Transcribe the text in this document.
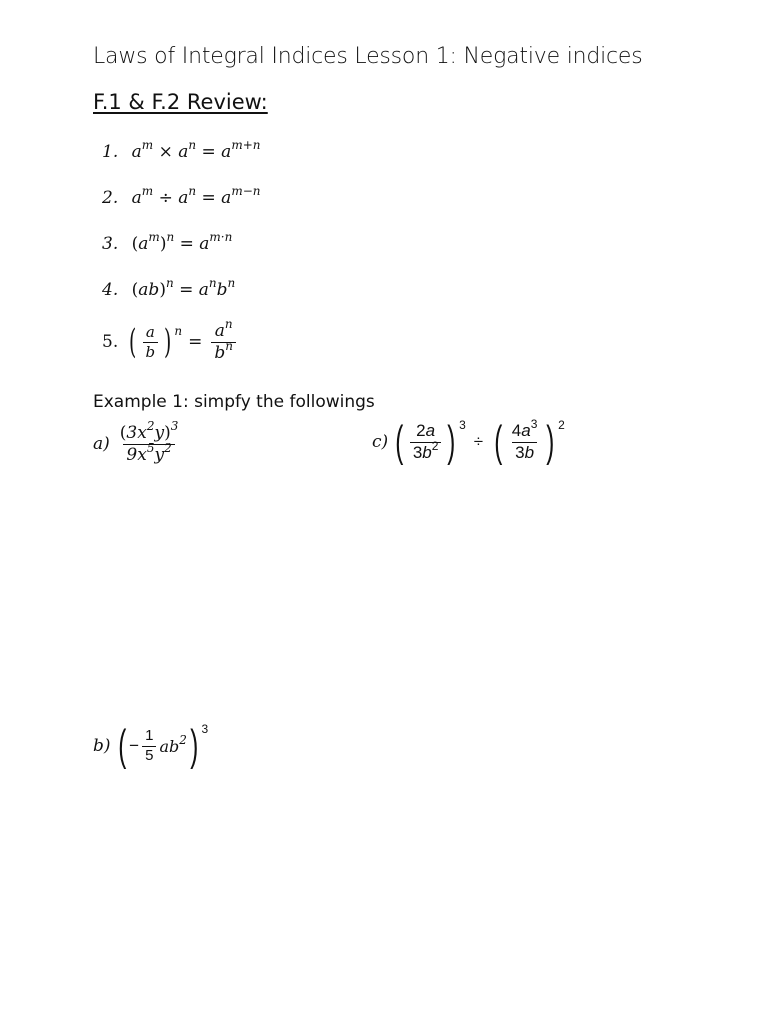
Laws of Integral Indices Lesson 1: Negative indices
F.1 & F.2 Review:
1. $a^m \times a^n = a^{m+n}$
2. $a^m \div a^n = a^{m-n}$
3. $(a^m)^n = a^{m\cdot n}$
4. $(ab)^n = a^nb^n$
5. ( $\frac{a}{b}$ ) n
= $\frac{a^n}{b^n}$
Example 1: simpfy the followings
$a) \frac{(3x^2y)^3}{9x^5y^2}$	c) ( $\frac{2a}{3b^2}$ ) 3
÷ ( $\frac{4a^3}{3b}$ ) 2
b) ( − $\frac{1}{5} ab^2$ ) 3
